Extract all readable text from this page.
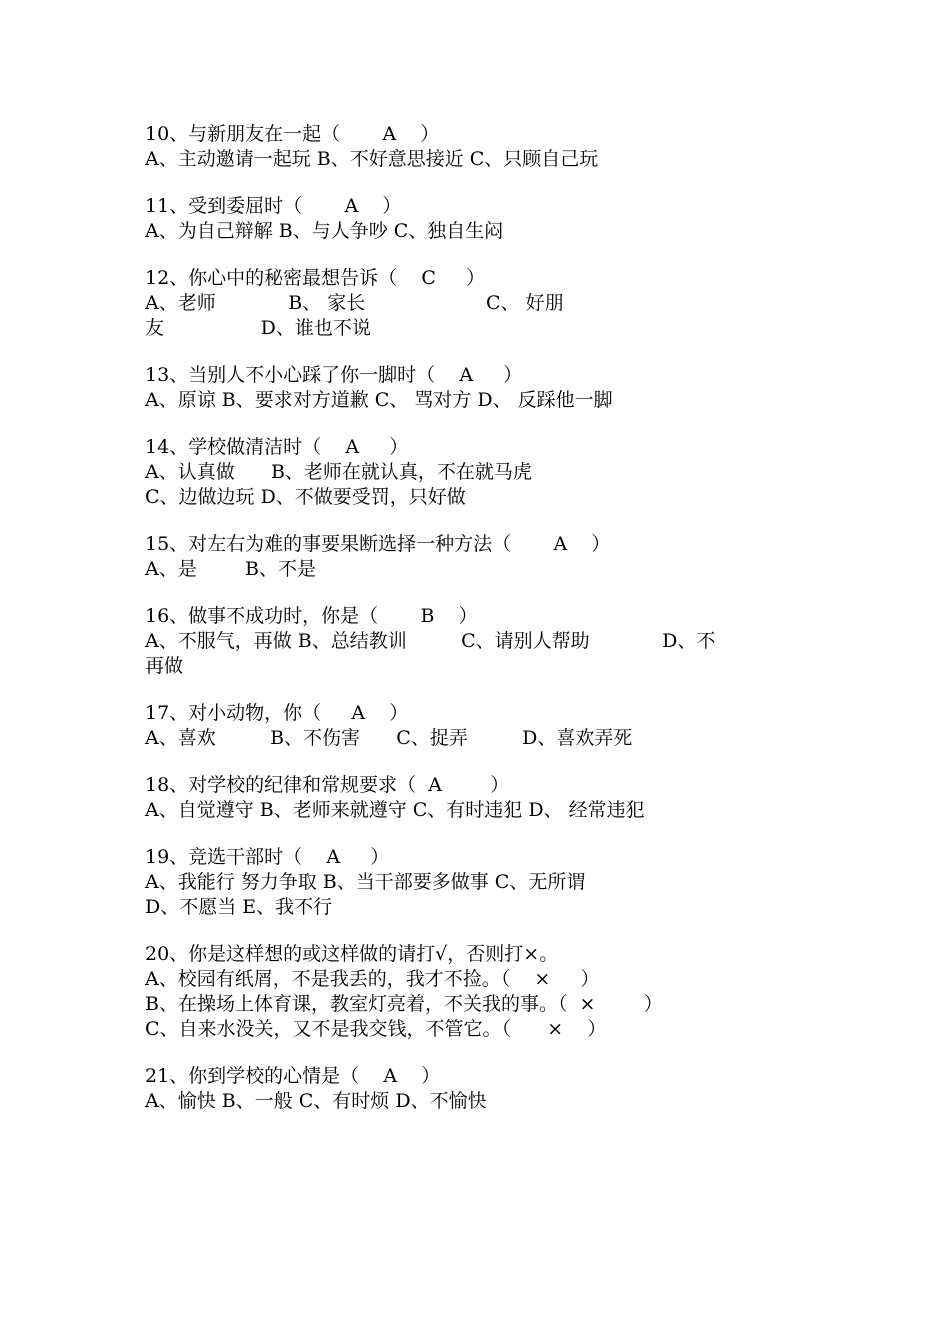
10、与新朋友在一起（       A    ）
A、主动邀请一起玩 B、不好意思接近 C、只顾自己玩
11、受到委屈时（       A    ）
A、为自己辩解 B、与人争吵 C、独自生闷
12、你心中的秘密最想告诉（    C     ）
A、老师            B、 家长                    C、 好朋
友                D、谁也不说
13、当别人不小心踩了你一脚时（    A     ）
A、原谅 B、要求对方道歉 C、 骂对方 D、 反踩他一脚
14、学校做清洁时（    A     ）
A、认真做      B、老师在就认真，不在就马虎
C、边做边玩 D、不做要受罚，只好做
15、对左右为难的事要果断选择一种方法（       A    ）
A、是        B、不是
16、做事不成功时，你是（       B    ）
A、不服气，再做 B、总结教训         C、请别人帮助            D、不
再做
17、对小动物，你（     A    ）
A、喜欢         B、不伤害      C、捉弄         D、喜欢弄死
18、对学校的纪律和常规要求（  A        ）
A、自觉遵守 B、老师来就遵守 C、有时违犯 D、 经常违犯
19、竞选干部时（    A     ）
A、我能行 努力争取 B、当干部要多做事 C、无所谓
D、不愿当 E、我不行
20、你是这样想的或这样做的请打√，否则打×。
A、校园有纸屑，不是我丢的，我才不捡。（    ×     ）
B、在操场上体育课，教室灯亮着，不关我的事。（  ×        ）
C、自来水没关，又不是我交钱，不管它。（      ×    ）
21、你到学校的心情是（    A    ）
A、愉快 B、一般 C、有时烦 D、不愉快
